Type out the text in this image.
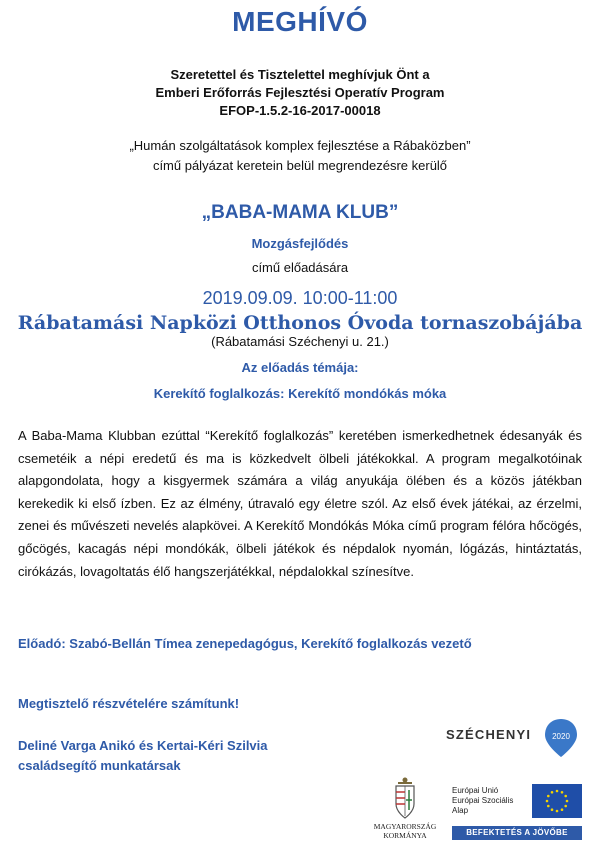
MEGHÍVÓ
Szeretettel és Tisztelettel meghívjuk Önt a
Emberi Erőforrás Fejlesztési Operatív Program
EFOP-1.5.2-16-2017-00018
„Humán szolgáltatások komplex fejlesztése a Rábaközben”
című pályázat keretein belül megrendezésre kerülő
„BABA-MAMA KLUB”
Mozgásfejlődés
című előadására
2019.09.09. 10:00-11:00
Rábatamási Napközi Otthonos Óvoda tornaszobájába
(Rábatamási Széchenyi u. 21.)
Az előadás témája:
Kerekítő foglalkozás: Kerekítő mondókás móka
A Baba-Mama Klubban ezúttal “Kerekítő foglalkozás” keretében ismerkedhetnek édesanyák és csemetéik a népi eredetű és ma is közkedvelt ölbeli játékokkal. A program megalkotóinak alapgondolata, hogy a kisgyermek számára a világ anyukája ölében és a közös játékban kerekedik ki első ízben. Ez az élmény, útravaló egy életre szól. Az első évek játékai, az érzelmi, zenei és művészeti nevelés alapkövei. A Kerekítő Mondókás Móka című program félóra hőcögés, gőcögés, kacagás népi mondókák, ölbeli játékok és népdalok nyomán, lógázás, hintáztatás, cirókázás, lovagoltatás élő hangszerjátékkal, népdalokkal színesítve.
Előadó: Szabó-Bellán Tímea zenepedagógus, Kerekítő foglalkozás vezető
Megtisztelő részvételére számítunk!
Deliné Varga Anikó és Kertai-Kéri Szilvia
családsegítő munkatársak
SZÉCHENYI	2020
MAGYARORSZÁG
KORMÁNYA
Európai Unió
Európai Szociális
Alap
BEFEKTETÉS A JÖVŐBE
